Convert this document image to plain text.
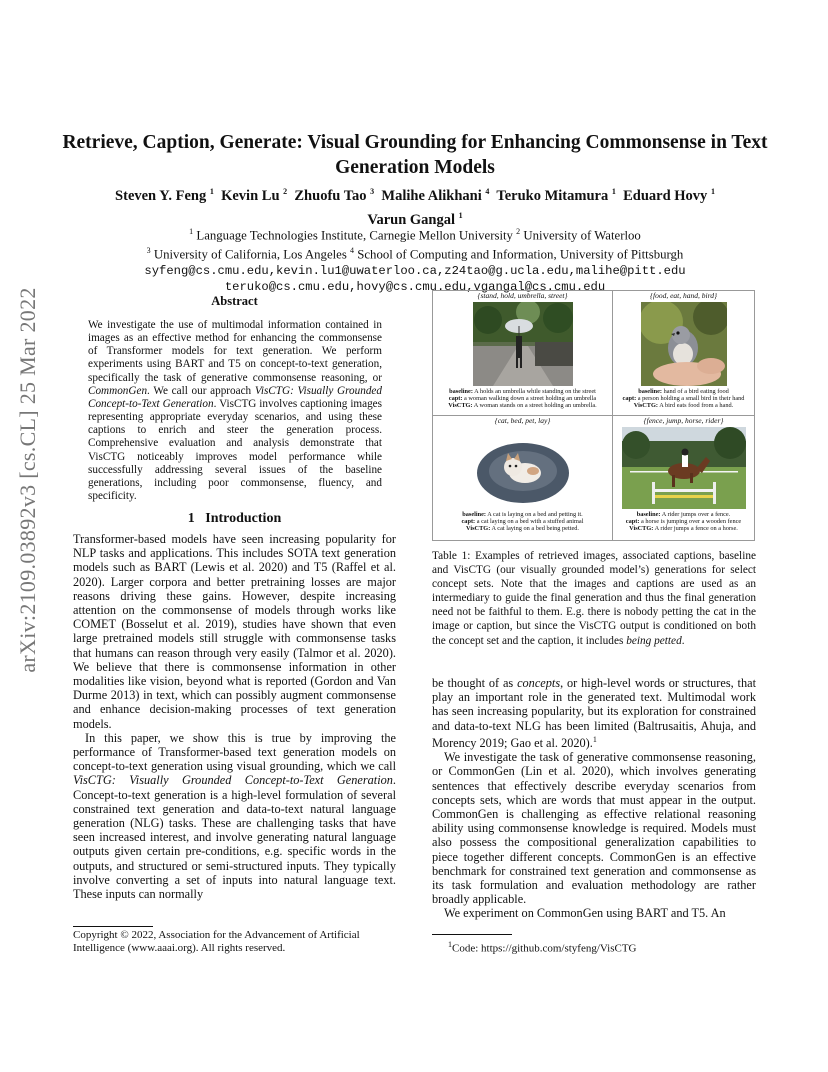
arXiv:2109.03892v3 [cs.CL] 25 Mar 2022
Retrieve, Caption, Generate: Visual Grounding for Enhancing Commonsense in Text Generation Models
Steven Y. Feng $^1$ Kevin Lu $^2$ Zhuofu Tao $^3$ Malihe Alikhani $^4$ Teruko Mitamura $^1$ Eduard Hovy $^1$
Varun Gangal $^1$
$^1$ Language Technologies Institute, Carnegie Mellon University $^2$ University of Waterloo
$^3$ University of California, Los Angeles $^4$ School of Computing and Information, University of Pittsburgh
syfeng@cs.cmu.edu,kevin.lu1@uwaterloo.ca,z24tao@g.ucla.edu,malihe@pitt.edu
teruko@cs.cmu.edu,hovy@cs.cmu.edu,vgangal@cs.cmu.edu
Abstract
We investigate the use of multimodal information contained in images as an effective method for enhancing the commonsense of Transformer models for text generation. We perform experiments using BART and T5 on concept-to-text generation, specifically the task of generative commonsense reasoning, or CommonGen. We call our approach VisCTG: Visually Grounded Concept-to-Text Generation. VisCTG involves captioning images representing appropriate everyday scenarios, and using these captions to enrich and steer the generation process. Comprehensive evaluation and analysis demonstrate that VisCTG noticeably improves model performance while successfully addressing several issues of the baseline generations, including poor commonsense, fluency, and specificity.
1 Introduction

Transformer-based models have seen increasing popularity for NLP tasks and applications. This includes SOTA text generation models such as BART (Lewis et al. 2020) and T5 (Raffel et al. 2020). Larger corpora and better pretraining losses are major reasons driving these gains. However, despite increasing attention on the commonsense of models through works like COMET (Bosselut et al. 2019), studies have shown that even large pretrained models still struggle with commonsense tasks that humans can reason through very easily (Talmor et al. 2020). We believe that there is commonsense information in other modalities like vision, beyond what is reported (Gordon and Van Durme 2013) in text, which can possibly augment commonsense and enhance decision-making processes of text generation models.

In this paper, we show this is true by improving the performance of Transformer-based text generation models on concept-to-text generation using visual grounding, which we call VisCTG: Visually Grounded Concept-to-Text Generation. Concept-to-text generation is a high-level formulation of several constrained text generation and data-to-text natural language generation (NLG) tasks. These are challenging tasks that have seen increased interest, and involve generating natural language outputs given certain pre-conditions, e.g. specific words in the outputs, and structured or semi-structured inputs. They typically involve converting a set of inputs into natural language text. These inputs can normally

Copyright © 2022, Association for the Advancement of Artificial Intelligence (www.aaai.org). All rights reserved.
{stand, hold, umbrella, street}
baseline: A holds an umbrella while standing on the street
capt: a woman walking down a street holding an umbrella
VisCTG: A woman stands on a street holding an umbrella.
{food, eat, hand, bird}
baseline: hand of a bird eating food
capt: a person holding a small bird in their hand
VisCTG: A bird eats food from a hand.
{cat, bed, pet, lay}
baseline: A cat is laying on a bed and petting it.
capt: a cat laying on a bed with a stuffed animal
VisCTG: A cat laying on a bed being petted.
{fence, jump, horse, rider}
baseline: A rider jumps over a fence.
capt: a horse is jumping over a wooden fence
VisCTG: A rider jumps a fence on a horse.
Table 1: Examples of retrieved images, associated captions, baseline and VisCTG (our visually grounded model’s) generations for select concept sets. Note that the images and captions are used as an intermediary to guide the final generation and thus the final generation need not be faithful to them. E.g. there is nobody petting the cat in the image or caption, but since the VisCTG output is conditioned on both the concept set and the caption, it includes being petted.

be thought of as concepts, or high-level words or structures, that play an important role in the generated text. Multimodal work has seen increasing popularity, but its exploration for constrained and data-to-text NLG has been limited (Baltrusaitis, Ahuja, and Morency 2019; Gao et al. 2020).$^1$

We investigate the task of generative commonsense reasoning, or CommonGen (Lin et al. 2020), which involves generating sentences that effectively describe everyday scenarios from concepts sets, which are words that must appear in the output. CommonGen is challenging as effective relational reasoning ability using commonsense knowledge is required. Models must also possess the compositional generalization capabilities to piece together different concepts. CommonGen is an effective benchmark for constrained text generation and commonsense as its task formulation and evaluation methodology are rather broadly applicable.

We experiment on CommonGen using BART and T5. An

$^1$Code: https://github.com/styfeng/VisCTG
